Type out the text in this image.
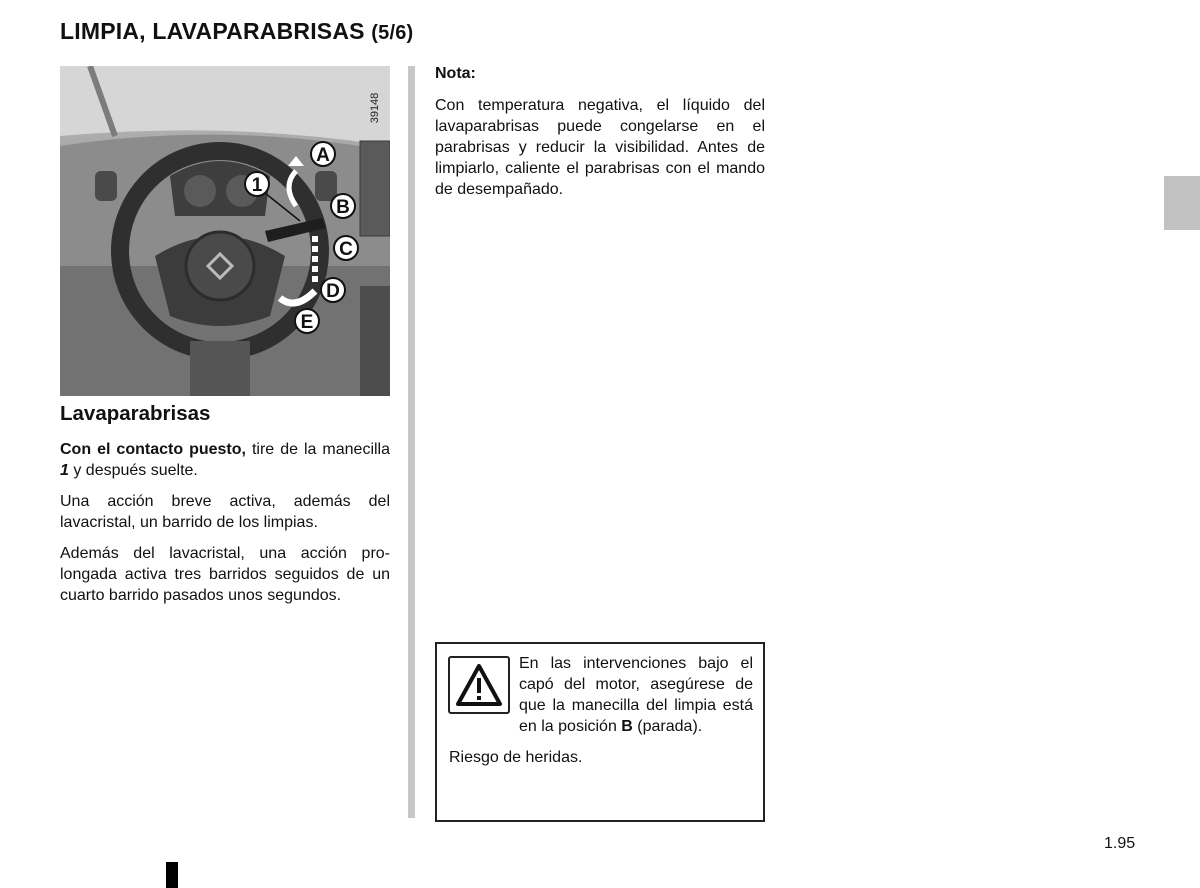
LIMPIA, LAVAPARABRISAS (5/6)
39148
A
1
B
C
D
E
Lavaparabrisas

Con el contacto puesto, tire de la manecilla 1 y después suelte.

Una acción breve activa, además del lavacristal, un barrido de los limpias.

Además del lavacristal, una acción prolongada activa tres barridos seguidos de un cuarto barrido pasados unos segundos.

Nota:
Con temperatura negativa, el líquido del lavaparabrisas puede congelarse en el parabrisas y reducir la visibilidad. Antes de limpiarlo, caliente el parabrisas con el mando de desempañado.

En las intervenciones bajo el capó del motor, asegúrese de que la manecilla del limpia está en la posición B (parada).

Riesgo de heridas.

1.95
